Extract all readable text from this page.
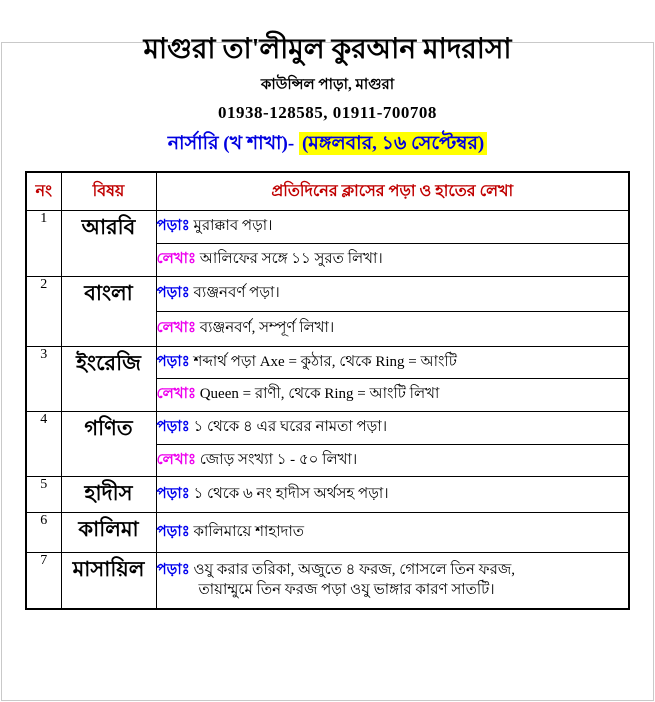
মাগুরা তা'লীমুল কুরআন মাদরাসা
কাউন্সিল পাড়া, মাগুরা
01938-128585, 01911-700708
নার্সারি (খ শাখা)- (মঙ্গলবার, ১৬ সেপ্টেম্বর)
নং	বিষয়	প্রতিদিনের ক্লাসের পড়া ও হাতের লেখা
1	আরবি	পড়াঃ মুরাক্কাব পড়া।
		লেখাঃ আলিফের সঙ্গে ১১ সুরত লিখা।
2	বাংলা	পড়াঃ ব্যঞ্জনবর্ণ পড়া।
		লেখাঃ ব্যঞ্জনবর্ণ, সম্পূর্ণ লিখা।
3	ইংরেজি	পড়াঃ শব্দার্থ পড়া Axe = কুঠার, থেকে Ring = আংটি
		লেখাঃ Queen = রাণী, থেকে Ring = আংটি লিখা
4	গণিত	পড়াঃ ১ থেকে ৪ এর ঘরের নামতা পড়া।
		লেখাঃ জোড় সংখ্যা ১ - ৫০ লিখা।
5	হাদীস	পড়াঃ ১ থেকে ৬ নং হাদীস অর্থসহ পড়া।
6	কালিমা	পড়াঃ কালিমায়ে শাহাদাত
7	মাসায়িল	পড়াঃ ওযু করার তরিকা, অজুতে ৪ ফরজ, গোসলে তিন ফরজ,
তায়াম্মুমে তিন ফরজ পড়া ওযু ভাঙ্গার কারণ সাতটি।
